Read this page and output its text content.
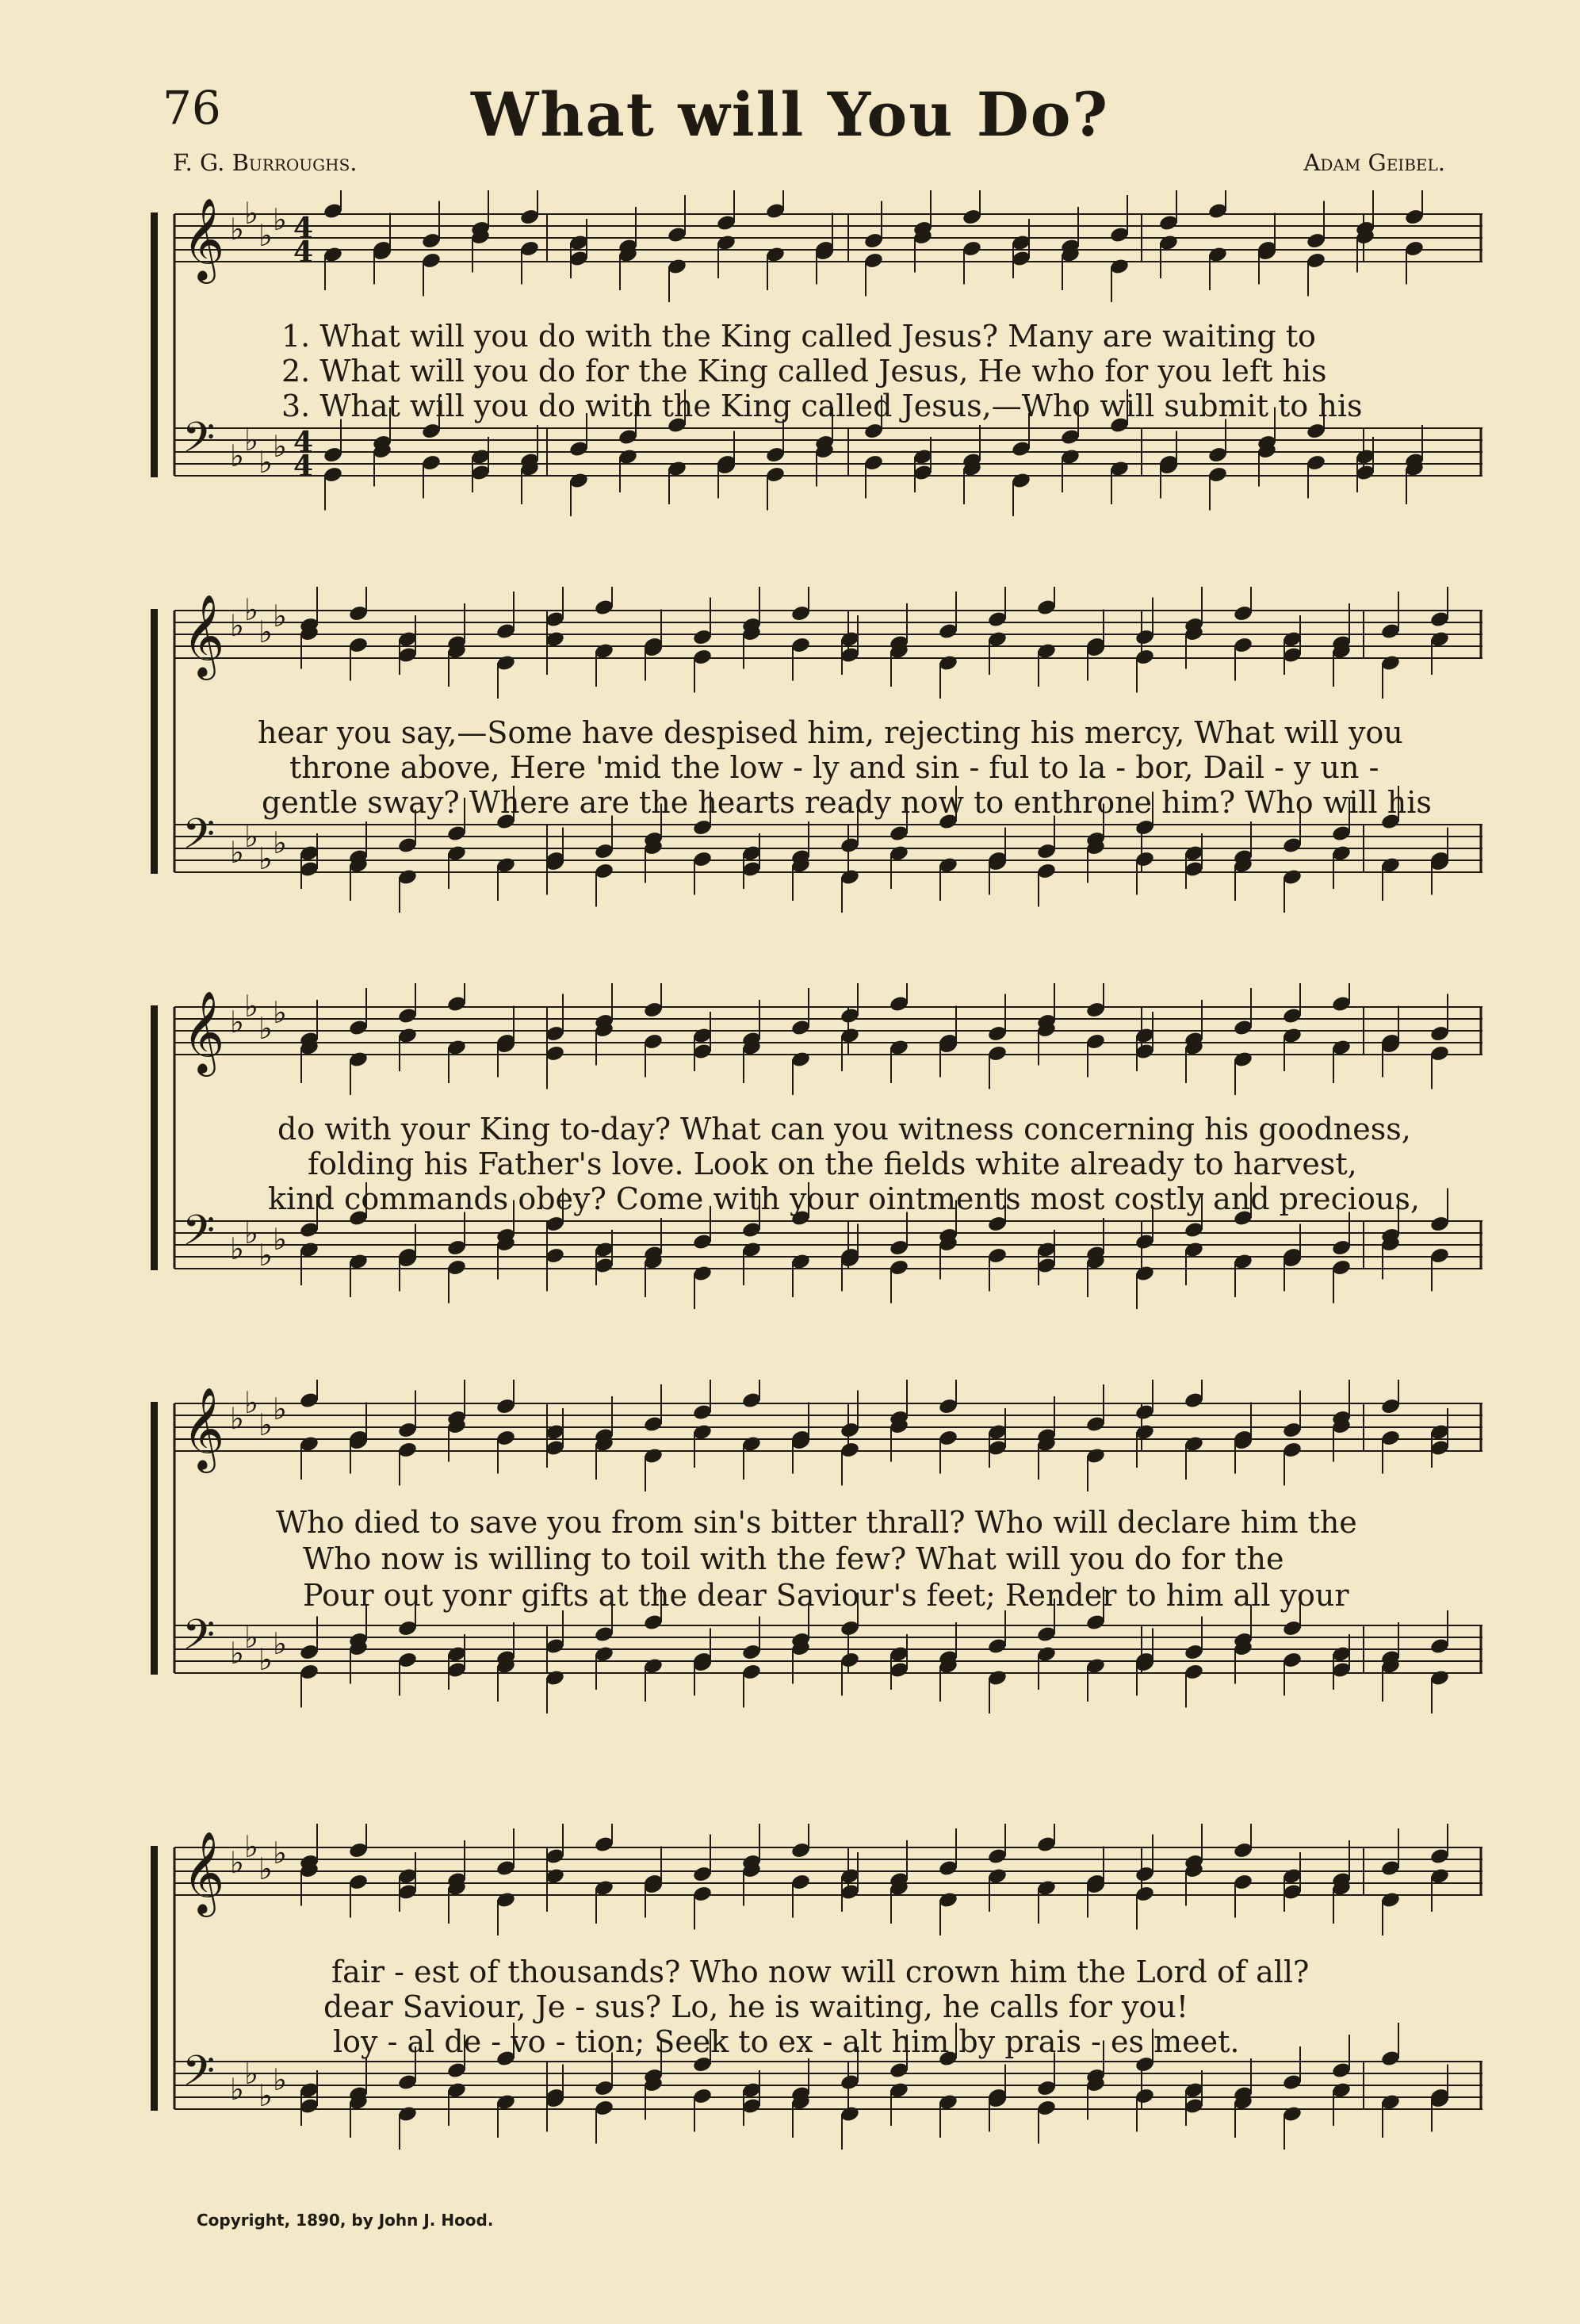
76	What will You Do?
F. G. Burroughs.	Adam Geibel.
𝄞 ♭ ♭
♭ ♭ 4
4
𝄢 ♭ ♭
♭ ♭ 4
4
1. What will you do with the King called Jesus? Many are waiting to
2. What will you do for the King called Jesus, He who for you left his
3. What will you do with the King called Jesus,—Who will submit to his
𝄞 ♭ ♭
♭ ♭
𝄢 ♭ ♭
♭ ♭
hear you say,—Some have despised him, rejecting his mercy, What will you
throne above, Here 'mid the low - ly and sin - ful to la - bor, Dail - y un -
gentle sway? Where are the hearts ready now to enthrone him? Who will his
𝄞 ♭ ♭
♭ ♭
𝄢 ♭ ♭
♭ ♭
do with your King to-day? What can you witness concerning his goodness,
folding his Father's love. Look on the fields white already to harvest,
kind commands obey? Come with your ointments most costly and precious,
𝄞 ♭ ♭
♭ ♭
𝄢 ♭ ♭
♭ ♭
Who died to save you from sin's bitter thrall? Who will declare him the
Who now is willing to toil with the few? What will you do for the
Pour out yonr gifts at the dear Saviour's feet; Render to him all your
𝄞 ♭ ♭
♭ ♭
𝄢 ♭ ♭
♭ ♭
fair - est of thousands? Who now will crown him the Lord of all?
dear Saviour, Je - sus? Lo, he is waiting, he calls for you!
loy - al de - vo - tion; Seek to ex - alt him by prais - es meet.
Copyright, 1890, by John J. Hood.
